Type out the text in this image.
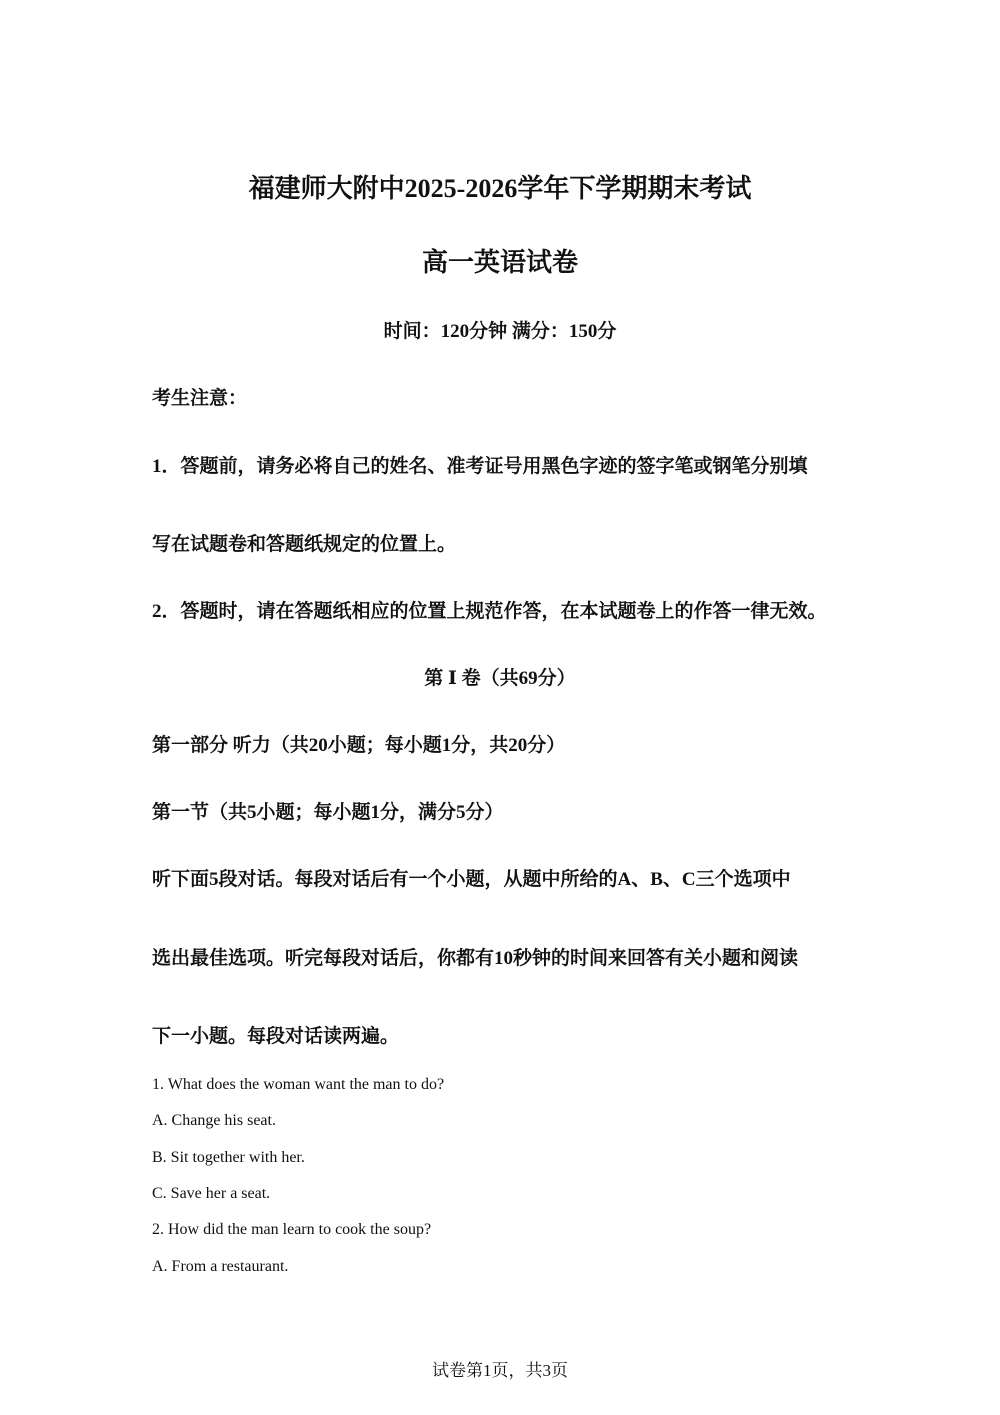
福建师大附中2025-2026学年下学期期末考试
高一英语试卷
时间：120分钟 满分：150分
考生注意：
1．答题前，请务必将自己的姓名、准考证号用黑色字迹的签字笔或钢笔分别填
写在试题卷和答题纸规定的位置上。
2．答题时，请在答题纸相应的位置上规范作答，在本试题卷上的作答一律无效。
第 Ⅰ 卷（共69分）
第一部分 听力（共20小题；每小题1分，共20分）
第一节（共5小题；每小题1分，满分5分）
听下面5段对话。每段对话后有一个小题，从题中所给的A、B、C三个选项中
选出最佳选项。听完每段对话后，你都有10秒钟的时间来回答有关小题和阅读
下一小题。每段对话读两遍。
1. What does the woman want the man to do?
A. Change his seat.
B. Sit together with her.
C. Save her a seat.
2. How did the man learn to cook the soup?
A. From a restaurant.
试卷第1页，共3页
